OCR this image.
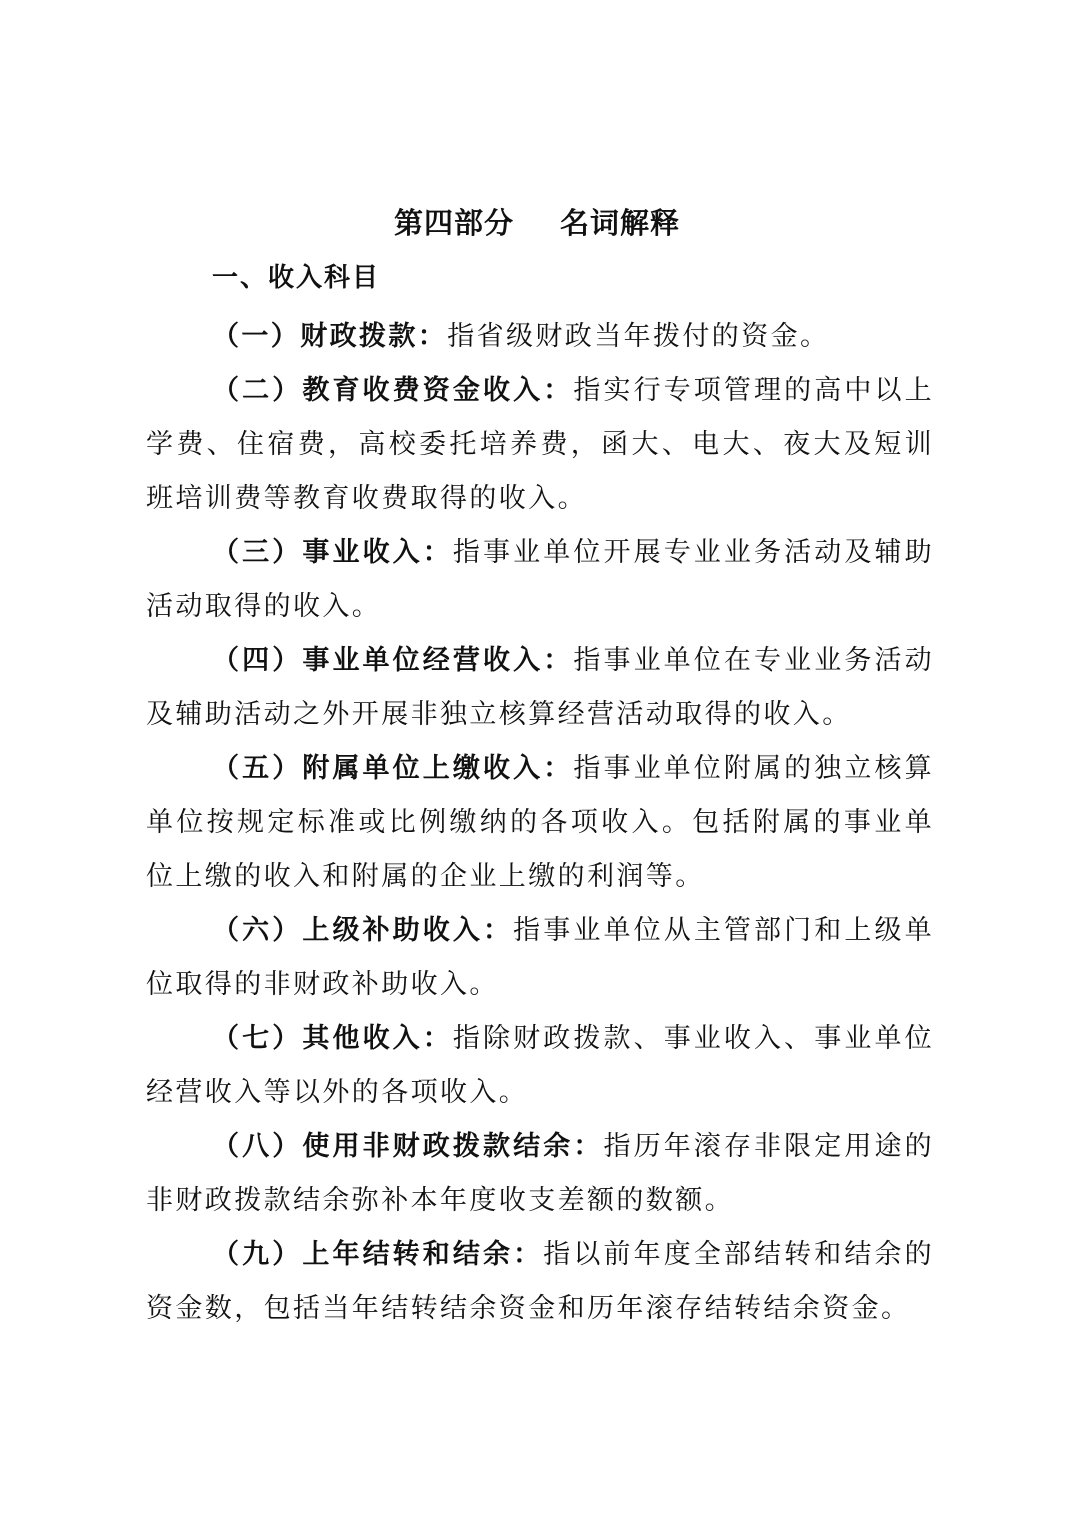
第四部分 名词解释
一、收入科目

（一）财政拨款：指省级财政当年拨付的资金。

（二）教育收费资金收入：指实行专项管理的高中以上学费、住宿费，高校委托培养费，函大、电大、夜大及短训班培训费等教育收费取得的收入。

（三）事业收入：指事业单位开展专业业务活动及辅助活动取得的收入。

（四）事业单位经营收入：指事业单位在专业业务活动及辅助活动之外开展非独立核算经营活动取得的收入。

（五）附属单位上缴收入：指事业单位附属的独立核算单位按规定标准或比例缴纳的各项收入。包括附属的事业单位上缴的收入和附属的企业上缴的利润等。

（六）上级补助收入：指事业单位从主管部门和上级单位取得的非财政补助收入。

（七）其他收入：指除财政拨款、事业收入、事业单位经营收入等以外的各项收入。

（八）使用非财政拨款结余：指历年滚存非限定用途的非财政拨款结余弥补本年度收支差额的数额。

（九）上年结转和结余：指以前年度全部结转和结余的资金数，包括当年结转结余资金和历年滚存结转结余资金。
